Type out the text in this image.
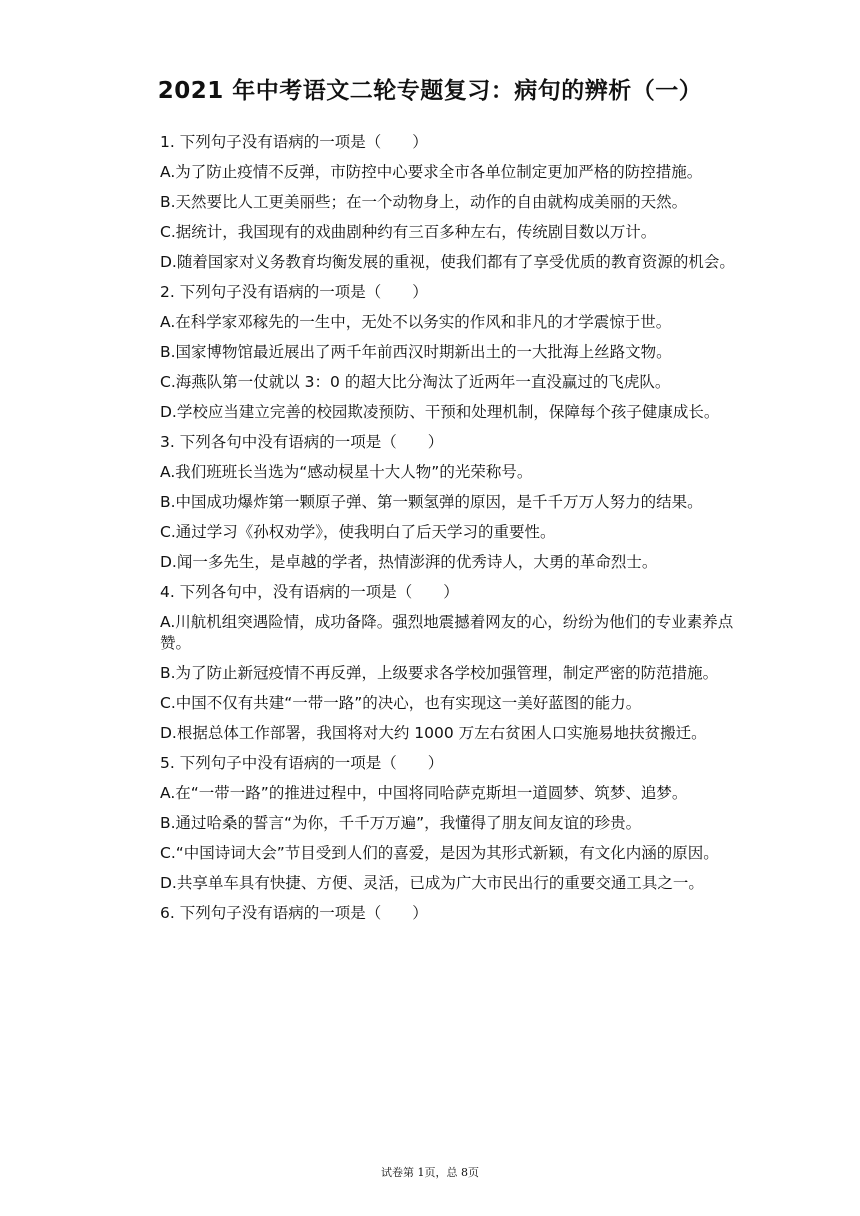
2021 年中考语文二轮专题复习：病句的辨析（一）

1. 下列句子没有语病的一项是（　　）

A.为了防止疫情不反弹，市防控中心要求全市各单位制定更加严格的防控措施。

B.天然要比人工更美丽些；在一个动物身上，动作的自由就构成美丽的天然。

C.据统计，我国现有的戏曲剧种约有三百多种左右，传统剧目数以万计。

D.随着国家对义务教育均衡发展的重视，使我们都有了享受优质的教育资源的机会。

2. 下列句子没有语病的一项是（　　）

A.在科学家邓稼先的一生中，无处不以务实的作风和非凡的才学震惊于世。

B.国家博物馆最近展出了两千年前西汉时期新出土的一大批海上丝路文物。

C.海燕队第一仗就以 3：0 的超大比分淘汰了近两年一直没赢过的飞虎队。

D.学校应当建立完善的校园欺凌预防、干预和处理机制，保障每个孩子健康成长。

3. 下列各句中没有语病的一项是（　　）

A.我们班班长当选为“感动棂星十大人物”的光荣称号。

B.中国成功爆炸第一颗原子弹、第一颗氢弹的原因，是千千万万人努力的结果。

C.通过学习《孙权劝学》，使我明白了后天学习的重要性。

D.闻一多先生，是卓越的学者，热情澎湃的优秀诗人，大勇的革命烈士。

4. 下列各句中，没有语病的一项是（　　）

A.川航机组突遇险情，成功备降。强烈地震撼着网友的心，纷纷为他们的专业素养点赞。

B.为了防止新冠疫情不再反弹，上级要求各学校加强管理，制定严密的防范措施。

C.中国不仅有共建“一带一路”的决心，也有实现这一美好蓝图的能力。

D.根据总体工作部署，我国将对大约 1000 万左右贫困人口实施易地扶贫搬迁。

5. 下列句子中没有语病的一项是（　　）

A.在“一带一路”的推进过程中，中国将同哈萨克斯坦一道圆梦、筑梦、追梦。

B.通过哈桑的誓言“为你，千千万万遍”，我懂得了朋友间友谊的珍贵。

C.“中国诗词大会”节目受到人们的喜爱，是因为其形式新颖，有文化内涵的原因。

D.共享单车具有快捷、方便、灵活，已成为广大市民出行的重要交通工具之一。

6. 下列句子没有语病的一项是（　　）

试卷第 1页，总 8页
